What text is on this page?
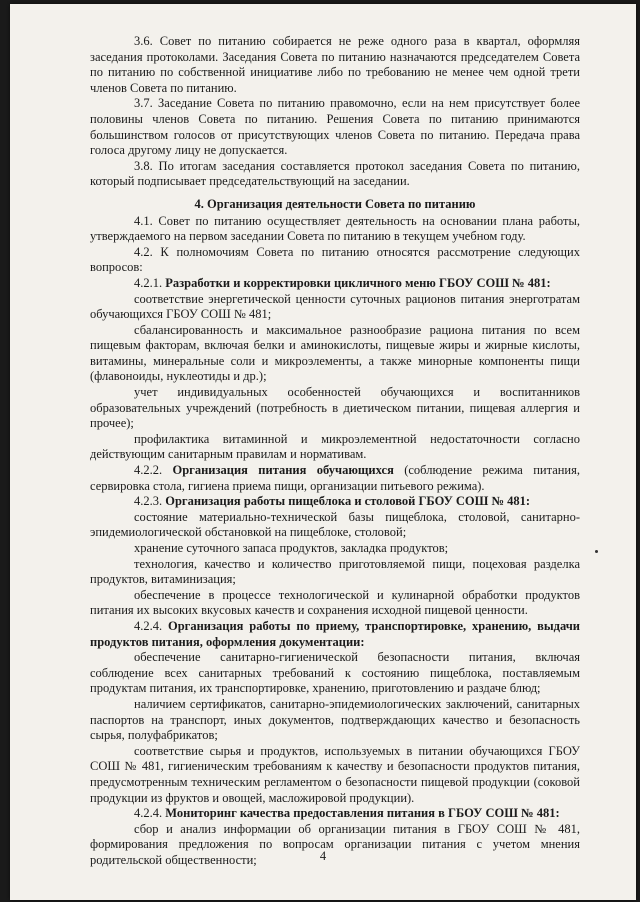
3.6. Совет по питанию собирается не реже одного раза в квартал, оформляя заседания протоколами. Заседания Совета по питанию назначаются председателем Совета по питанию по собственной инициативе либо по требованию не менее чем одной трети членов Совета по питанию.

3.7. Заседание Совета по питанию правомочно, если на нем присутствует более половины членов Совета по питанию. Решения Совета по питанию принимаются большинством голосов от присутствующих членов Совета по питанию. Передача права голоса другому лицу не допускается.

3.8. По итогам заседания составляется протокол заседания Совета по питанию, который подписывает председательствующий на заседании.

4. Организация деятельности Совета по питанию

4.1. Совет по питанию осуществляет деятельность на основании плана работы, утверждаемого на первом заседании Совета по питанию в текущем учебном году.

4.2. К полномочиям Совета по питанию относятся рассмотрение следующих вопросов:

4.2.1. Разработки и корректировки цикличного меню ГБОУ СОШ № 481:

соответствие энергетической ценности суточных рационов питания энерготратам обучающихся ГБОУ СОШ № 481;

сбалансированность и максимальное разнообразие рациона питания по всем пищевым факторам, включая белки и аминокислоты, пищевые жиры и жирные кислоты, витамины, минеральные соли и микроэлементы, а также минорные компоненты пищи (флавоноиды, нуклеотиды и др.);

учет индивидуальных особенностей обучающихся и воспитанников образовательных учреждений (потребность в диетическом питании, пищевая аллергия и прочее);

профилактика витаминной и микроэлементной недостаточности согласно действующим санитарным правилам и нормативам.

4.2.2. Организация питания обучающихся (соблюдение режима питания, сервировка стола, гигиена приема пищи, организации питьевого режима).

4.2.3. Организация работы пищеблока и столовой ГБОУ СОШ № 481:

состояние материально-технической базы пищеблока, столовой, санитарно-эпидемиологической обстановкой на пищеблоке, столовой;

хранение суточного запаса продуктов, закладка продуктов;

технология, качество и количество приготовляемой пищи, поцеховая разделка продуктов, витаминизация;

обеспечение в процессе технологической и кулинарной обработки продуктов питания их высоких вкусовых качеств и сохранения исходной пищевой ценности.

4.2.4. Организация работы по приему, транспортировке, хранению, выдачи продуктов питания, оформления документации:

обеспечение санитарно-гигиенической безопасности питания, включая соблюдение всех санитарных требований к состоянию пищеблока, поставляемым продуктам питания, их транспортировке, хранению, приготовлению и раздаче блюд;

наличием сертификатов, санитарно-эпидемиологических заключений, санитарных паспортов на транспорт, иных документов, подтверждающих качество и безопасность сырья, полуфабрикатов;

соответствие сырья и продуктов, используемых в питании обучающихся ГБОУ СОШ № 481, гигиеническим требованиям к качеству и безопасности продуктов питания, предусмотренным техническим регламентом о безопасности пищевой продукции (соковой продукции из фруктов и овощей, масложировой продукции).

4.2.4. Мониторинг качества предоставления питания в ГБОУ СОШ № 481:

сбор и анализ информации об организации питания в ГБОУ СОШ № 481, формирования предложения по вопросам организации питания с учетом мнения родительской общественности;	4
